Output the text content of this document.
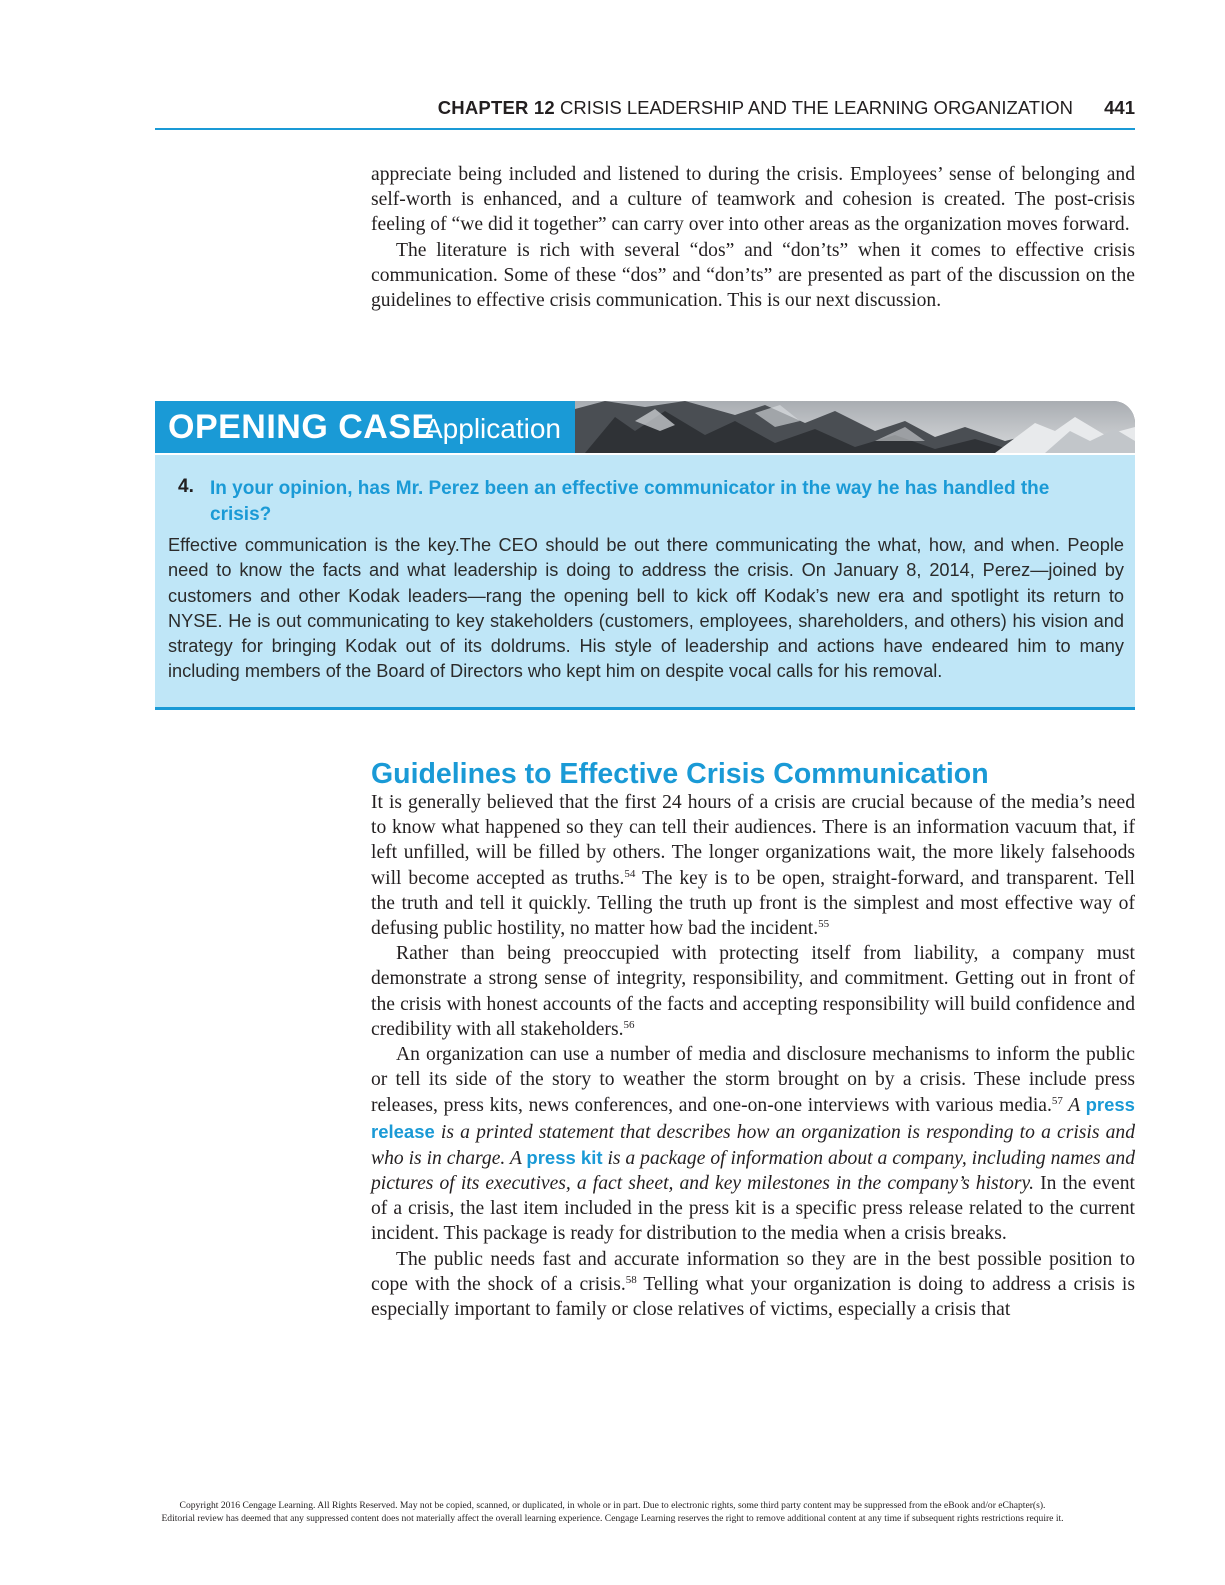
CHAPTER 12 CRISIS LEADERSHIP AND THE LEARNING ORGANIZATION 441

appreciate being included and listened to during the crisis. Employees’ sense of belonging and self-worth is enhanced, and a culture of teamwork and cohesion is created. The post-crisis feeling of “we did it together” can carry over into other areas as the organization moves forward.

The literature is rich with several “dos” and “don’ts” when it comes to effective crisis communication. Some of these “dos” and “don’ts” are presented as part of the discussion on the guidelines to effective crisis communication. This is our next discussion.

OPENING CASE
Application
4. In your opinion, has Mr. Perez been an effective communicator in the way he has handled the crisis?
Effective communication is the key.The CEO should be out there communicating the what, how, and when. People need to know the facts and what leadership is doing to address the crisis. On January 8, 2014, Perez—joined by customers and other Kodak leaders—rang the opening bell to kick off Kodak’s new era and spotlight its return to NYSE. He is out communicating to key stakeholders (customers, employees, shareholders, and others) his vision and strategy for bringing Kodak out of its doldrums. His style of leadership and actions have endeared him to many including members of the Board of Directors who kept him on despite vocal calls for his removal.
Guidelines to Effective Crisis Communication

It is generally believed that the first 24 hours of a crisis are crucial because of the media’s need to know what happened so they can tell their audiences. There is an information vacuum that, if left unfilled, will be filled by others. The longer organizations wait, the more likely falsehoods will become accepted as truths.$^{54}$ The key is to be open, straight-forward, and transparent. Tell the truth and tell it quickly. Telling the truth up front is the simplest and most effective way of defusing public hostility, no matter how bad the incident.$^{55}$

Rather than being preoccupied with protecting itself from liability, a company must demonstrate a strong sense of integrity, responsibility, and commitment. Getting out in front of the crisis with honest accounts of the facts and accepting responsibility will build confidence and credibility with all stakeholders.$^{56}$

An organization can use a number of media and disclosure mechanisms to inform the public or tell its side of the story to weather the storm brought on by a crisis. These include press releases, press kits, news conferences, and one-on-one interviews with various media.$^{57}$ A press release is a printed statement that describes how an organization is responding to a crisis and who is in charge. A press kit is a package of information about a company, including names and pictures of its executives, a fact sheet, and key milestones in the company’s history. In the event of a crisis, the last item included in the press kit is a specific press release related to the current incident. This package is ready for distribution to the media when a crisis breaks.

The public needs fast and accurate information so they are in the best possible position to cope with the shock of a crisis.$^{58}$ Telling what your organization is doing to address a crisis is especially important to family or close relatives of victims, especially a crisis that

Copyright 2016 Cengage Learning. All Rights Reserved. May not be copied, scanned, or duplicated, in whole or in part. Due to electronic rights, some third party content may be suppressed from the eBook and/or eChapter(s).
Editorial review has deemed that any suppressed content does not materially affect the overall learning experience. Cengage Learning reserves the right to remove additional content at any time if subsequent rights restrictions require it.
